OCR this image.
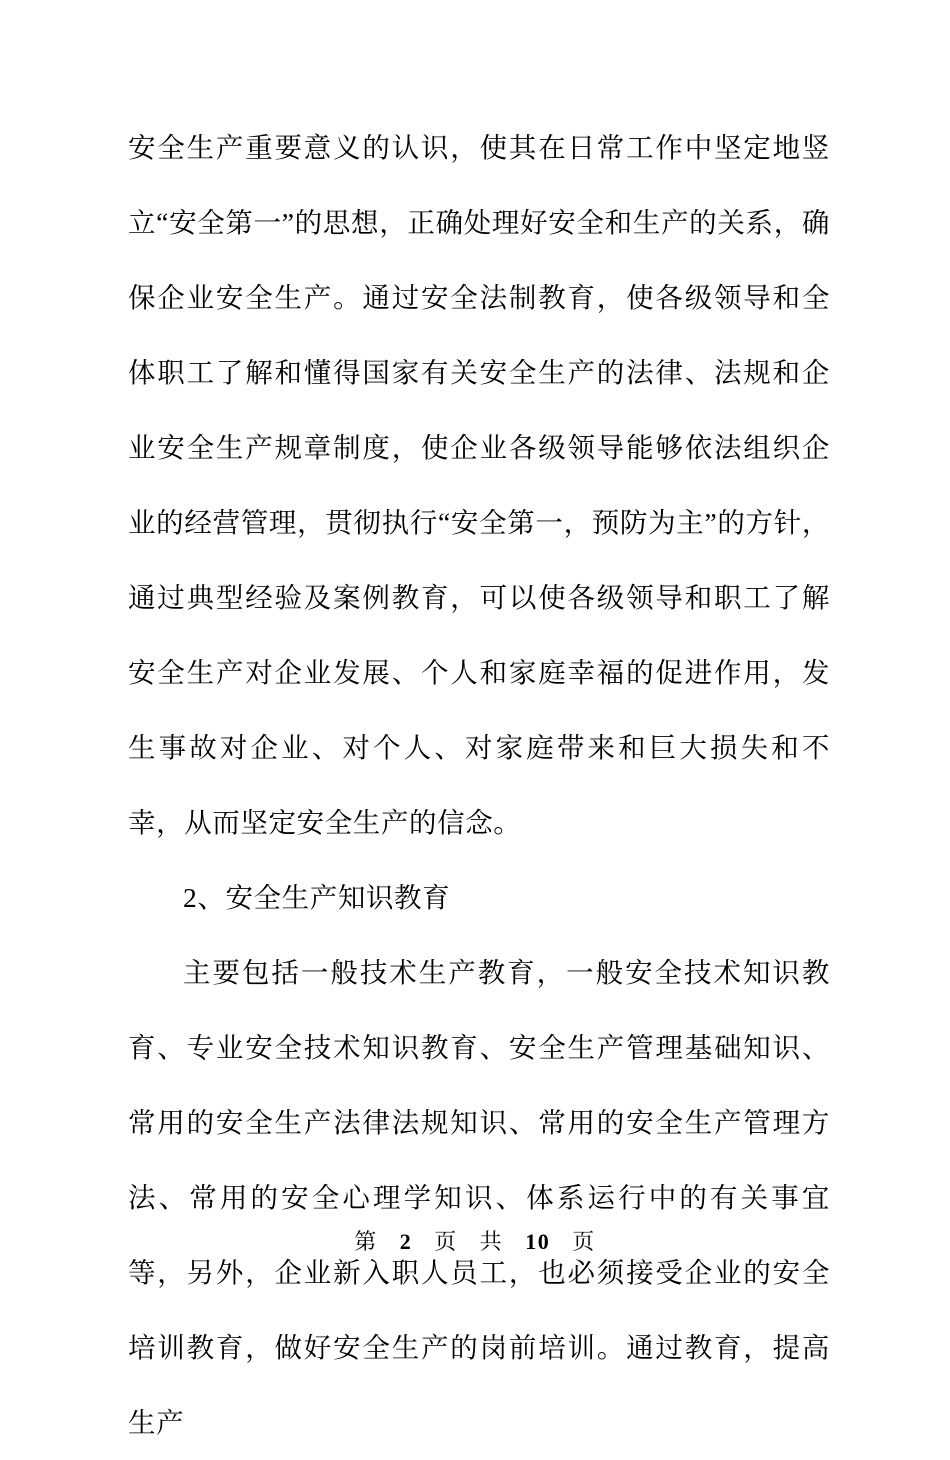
安全生产重要意义的认识，使其在日常工作中坚定地竖立“安全第一”的思想，正确处理好安全和生产的关系，确保企业安全生产。通过安全法制教育，使各级领导和全体职工了解和懂得国家有关安全生产的法律、法规和企业安全生产规章制度，使企业各级领导能够依法组织企业的经营管理，贯彻执行“安全第一，预防为主”的方针，通过典型经验及案例教育，可以使各级领导和职工了解安全生产对企业发展、个人和家庭幸福的促进作用，发生事故对企业、对个人、对家庭带来和巨大损失和不幸，从而坚定安全生产的信念。

2、安全生产知识教育

主要包括一般技术生产教育，一般安全技术知识教育、专业安全技术知识教育、安全生产管理基础知识、常用的安全生产法律法规知识、常用的安全生产管理方法、常用的安全心理学知识、体系运行中的有关事宜等，另外，企业新入职人员工，也必须接受企业的安全培训教育，做好安全生产的岗前培训。通过教育，提高生产

第 2 页 共 10 页
